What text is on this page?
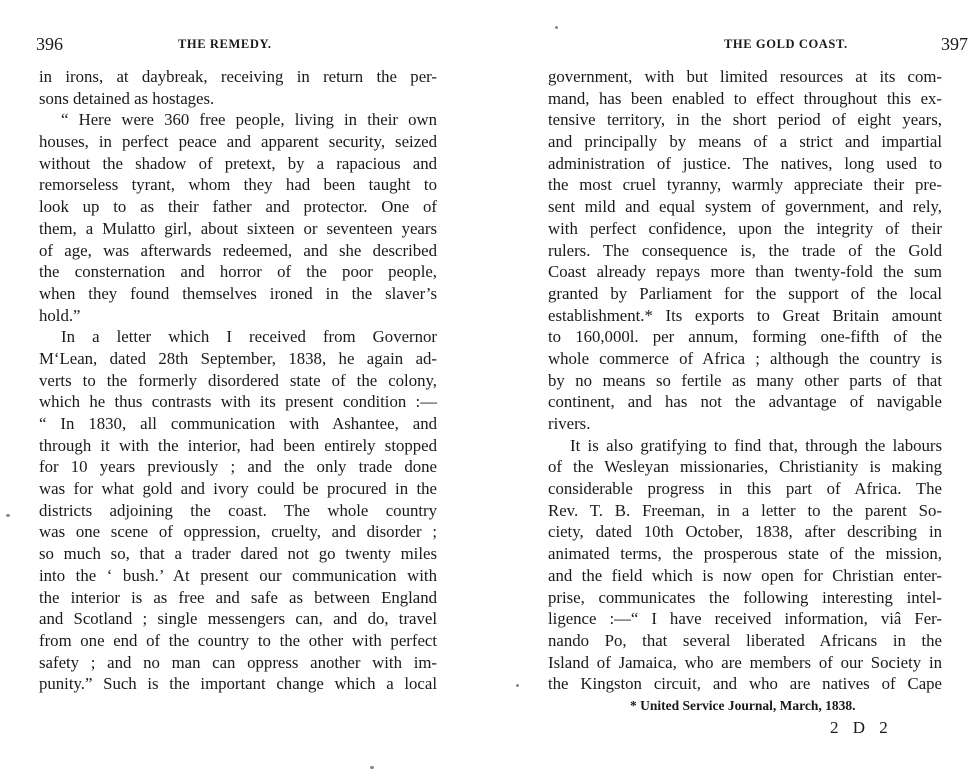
396	THE REMEDY.
in irons, at daybreak, receiving in return the per-
sons detained as hostages.
“ Here were 360 free people, living in their own
houses, in perfect peace and apparent security, seized
without the shadow of pretext, by a rapacious and
remorseless tyrant, whom they had been taught to
look up to as their father and protector. One of
them, a Mulatto girl, about sixteen or seventeen years
of age, was afterwards redeemed, and she described
the consternation and horror of the poor people,
when they found themselves ironed in the slaver’s
hold.”
In a letter which I received from Governor
M‘Lean, dated 28th September, 1838, he again ad-
verts to the formerly disordered state of the colony,
which he thus contrasts with its present condition :—
“ In 1830, all communication with Ashantee, and
through it with the interior, had been entirely stopped
for 10 years previously ; and the only trade done
was for what gold and ivory could be procured in the
districts adjoining the coast. The whole country
was one scene of oppression, cruelty, and disorder ;
so much so, that a trader dared not go twenty miles
into the ‘ bush.’ At present our communication with
the interior is as free and safe as between England
and Scotland ; single messengers can, and do, travel
from one end of the country to the other with perfect
safety ; and no man can oppress another with im-
punity.” Such is the important change which a local
THE GOLD COAST.	397
government, with but limited resources at its com-
mand, has been enabled to effect throughout this ex-
tensive territory, in the short period of eight years,
and principally by means of a strict and impartial
administration of justice. The natives, long used to
the most cruel tyranny, warmly appreciate their pre-
sent mild and equal system of government, and rely,
with perfect confidence, upon the integrity of their
rulers. The consequence is, the trade of the Gold
Coast already repays more than twenty-fold the sum
granted by Parliament for the support of the local
establishment.* Its exports to Great Britain amount
to 160,000l. per annum, forming one-fifth of the
whole commerce of Africa ; although the country is
by no means so fertile as many other parts of that
continent, and has not the advantage of navigable
rivers.
It is also gratifying to find that, through the labours
of the Wesleyan missionaries, Christianity is making
considerable progress in this part of Africa. The
Rev. T. B. Freeman, in a letter to the parent So-
ciety, dated 10th October, 1838, after describing in
animated terms, the prosperous state of the mission,
and the field which is now open for Christian enter-
prise, communicates the following interesting intel-
ligence :—“ I have received information, viâ Fer-
nando Po, that several liberated Africans in the
Island of Jamaica, who are members of our Society in
the Kingston circuit, and who are natives of Cape
* United Service Journal, March, 1838.
2 D 2
